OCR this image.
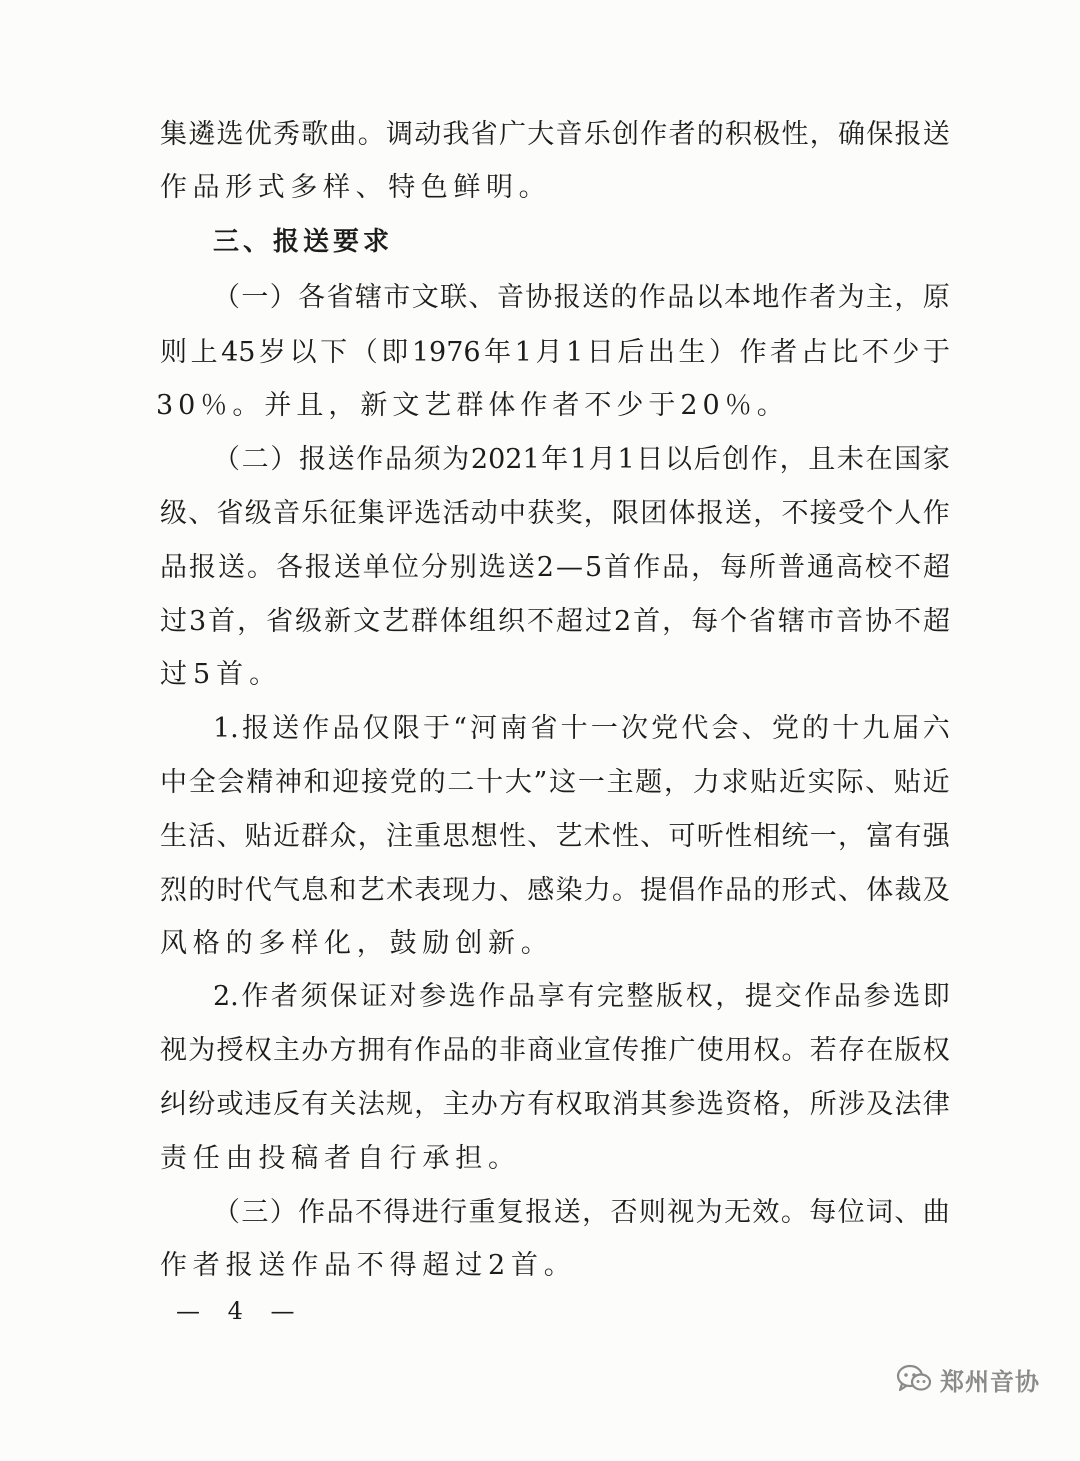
集 遴 选 优 秀 歌 曲 。 调 动 我 省 广 大 音 乐 创 作 者 的 积 极 性 ， 确 保 报 送
作品形式多样、特色鲜明。
三、报送要求
（ 一 ） 各 省 辖 市 文 联 、 音 协 报 送 的 作 品 以 本 地 作 者 为 主 ， 原
则 上 45 岁 以 下 （ 即 1976 年 1 月 1 日 后 出 生 ） 作 者 占 比 不 少 于
30％。并且，新文艺群体作者不少于20％。
（ 二 ） 报 送 作 品 须 为 2021 年 1 月 1 日 以 后 创 作 ， 且 未 在 国 家
级 、 省 级 音 乐 征 集 评 选 活 动 中 获 奖 ， 限 团 体 报 送 ， 不 接 受 个 人 作
品 报 送 。 各 报 送 单 位 分 别 选 送 2 — 5 首 作 品 ， 每 所 普 通 高 校 不 超
过 3 首 ， 省 级 新 文 艺 群 体 组 织 不 超 过 2 首 ， 每 个 省 辖 市 音 协 不 超
过5首。
1. 报 送 作 品 仅 限 于 “ 河 南 省 十 一 次 党 代 会 、 党 的 十 九 届 六
中 全 会 精 神 和 迎 接 党 的 二 十 大 ” 这 一 主 题 ， 力 求 贴 近 实 际 、 贴 近
生 活 、 贴 近 群 众 ， 注 重 思 想 性 、 艺 术 性 、 可 听 性 相 统 一 ， 富 有 强
烈 的 时 代 气 息 和 艺 术 表 现 力 、 感 染 力 。 提 倡 作 品 的 形 式 、 体 裁 及
风格的多样化，鼓励创新。
2. 作 者 须 保 证 对 参 选 作 品 享 有 完 整 版 权 ， 提 交 作 品 参 选 即
视 为 授 权 主 办 方 拥 有 作 品 的 非 商 业 宣 传 推 广 使 用 权 。 若 存 在 版 权
纠 纷 或 违 反 有 关 法 规 ， 主 办 方 有 权 取 消 其 参 选 资 格 ， 所 涉 及 法 律
责任由投稿者自行承担。
（ 三 ） 作 品 不 得 进 行 重 复 报 送 ， 否 则 视 为 无 效 。 每 位 词 、 曲
作者报送作品不得超过2首。
— 4 —
郑州音协
